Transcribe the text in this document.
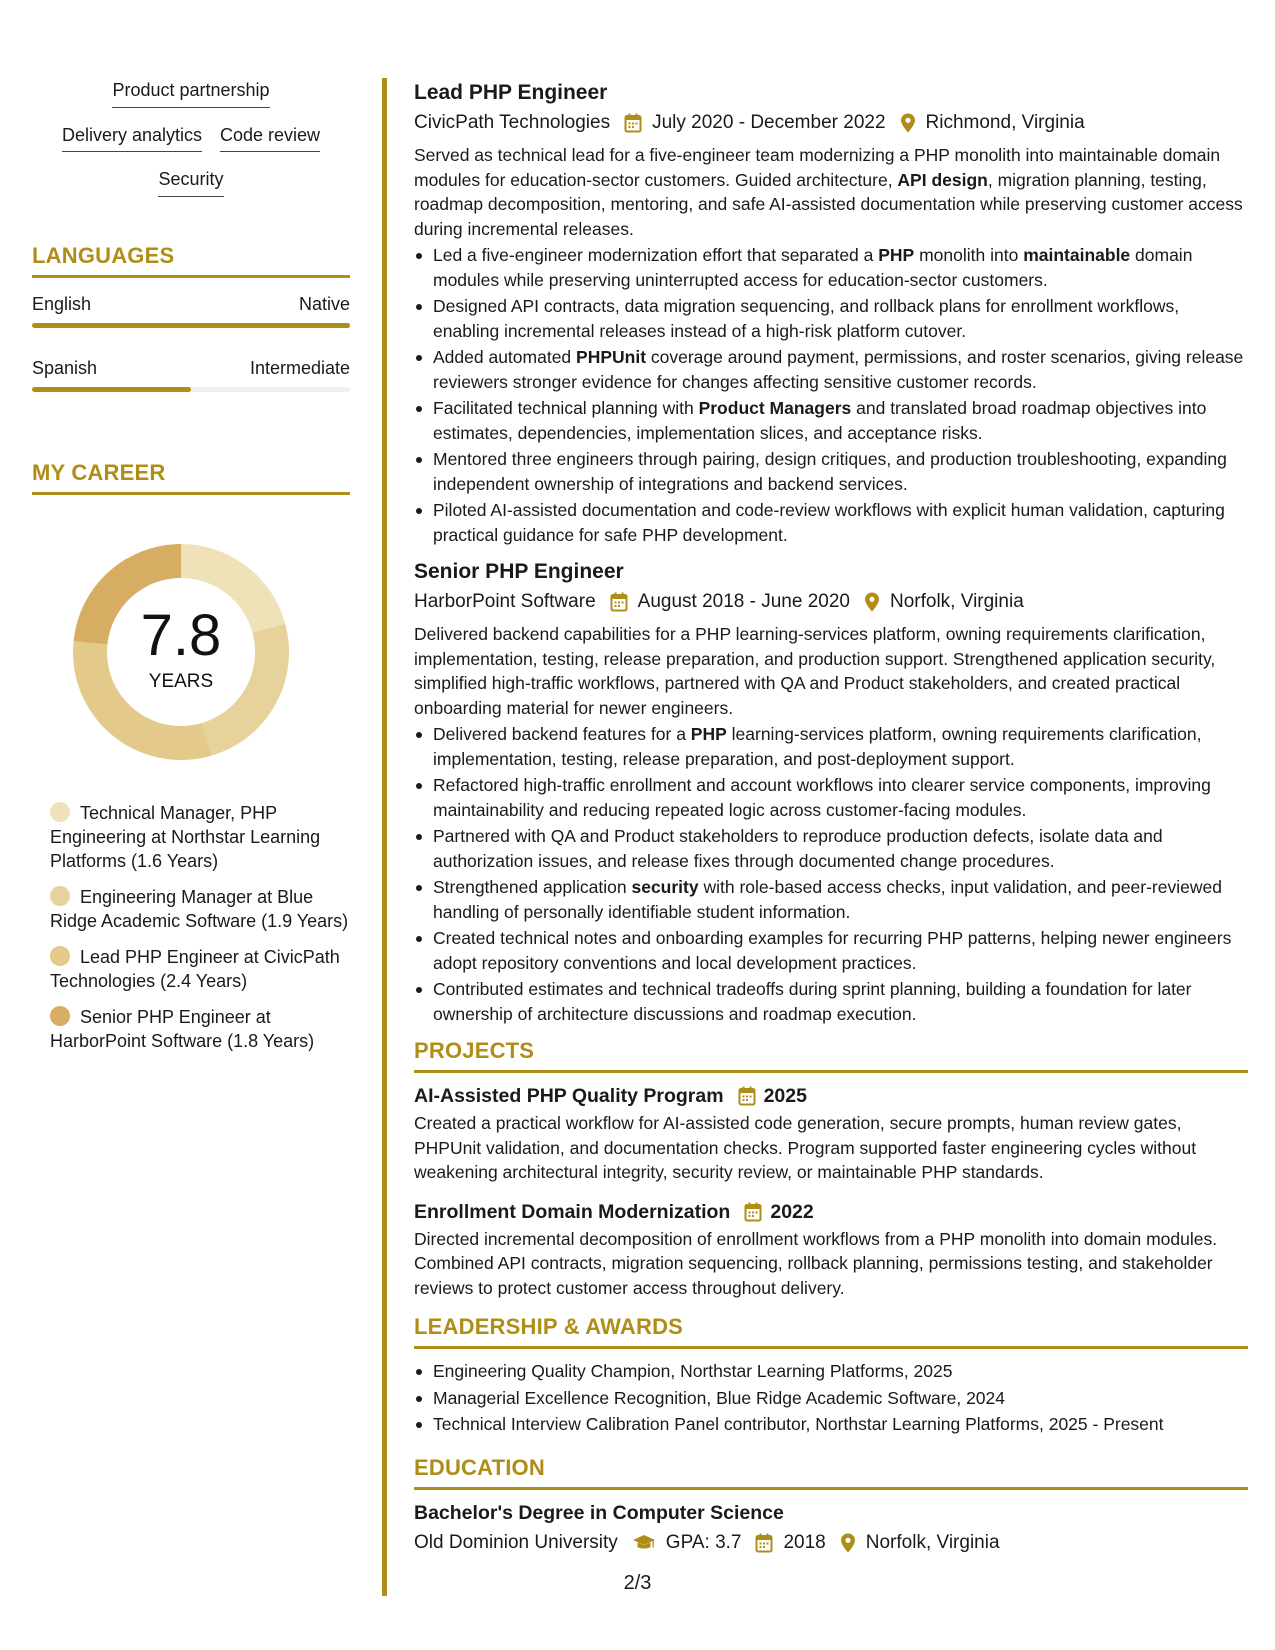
Product partnership
Delivery analytics Code review
Security
LANGUAGES
English	Native
Spanish	Intermediate
MY CAREER
7.8
YEARS
Technical Manager, PHP Engineering at Northstar Learning Platforms (1.6 Years)
Engineering Manager at Blue Ridge Academic Software (1.9 Years)
Lead PHP Engineer at CivicPath Technologies (2.4 Years)
Senior PHP Engineer at HarborPoint Software (1.8 Years)
Lead PHP Engineer
CivicPath Technologies July 2020 - December 2022 Richmond, Virginia
Served as technical lead for a five-engineer team modernizing a PHP monolith into maintainable domain modules for education-sector customers. Guided architecture, API design, migration planning, testing, roadmap decomposition, mentoring, and safe AI-assisted documentation while preserving customer access during incremental releases.
Led a five-engineer modernization effort that separated a PHP monolith into maintainable domain modules while preserving uninterrupted access for education-sector customers.
Designed API contracts, data migration sequencing, and rollback plans for enrollment workflows, enabling incremental releases instead of a high-risk platform cutover.
Added automated PHPUnit coverage around payment, permissions, and roster scenarios, giving release reviewers stronger evidence for changes affecting sensitive customer records.
Facilitated technical planning with Product Managers and translated broad roadmap objectives into estimates, dependencies, implementation slices, and acceptance risks.
Mentored three engineers through pairing, design critiques, and production troubleshooting, expanding independent ownership of integrations and backend services.
Piloted AI-assisted documentation and code-review workflows with explicit human validation, capturing practical guidance for safe PHP development.
Senior PHP Engineer
HarborPoint Software August 2018 - June 2020 Norfolk, Virginia
Delivered backend capabilities for a PHP learning-services platform, owning requirements clarification, implementation, testing, release preparation, and production support. Strengthened application security, simplified high-traffic workflows, partnered with QA and Product stakeholders, and created practical onboarding material for newer engineers.
Delivered backend features for a PHP learning-services platform, owning requirements clarification, implementation, testing, release preparation, and post-deployment support.
Refactored high-traffic enrollment and account workflows into clearer service components, improving maintainability and reducing repeated logic across customer-facing modules.
Partnered with QA and Product stakeholders to reproduce production defects, isolate data and authorization issues, and release fixes through documented change procedures.
Strengthened application security with role-based access checks, input validation, and peer-reviewed handling of personally identifiable student information.
Created technical notes and onboarding examples for recurring PHP patterns, helping newer engineers adopt repository conventions and local development practices.
Contributed estimates and technical tradeoffs during sprint planning, building a foundation for later ownership of architecture discussions and roadmap execution.
PROJECTS
AI-Assisted PHP Quality Program 2025
Created a practical workflow for AI-assisted code generation, secure prompts, human review gates, PHPUnit validation, and documentation checks. Program supported faster engineering cycles without weakening architectural integrity, security review, or maintainable PHP standards.
Enrollment Domain Modernization 2022
Directed incremental decomposition of enrollment workflows from a PHP monolith into domain modules. Combined API contracts, migration sequencing, rollback planning, permissions testing, and stakeholder reviews to protect customer access throughout delivery.
LEADERSHIP & AWARDS
Engineering Quality Champion, Northstar Learning Platforms, 2025
Managerial Excellence Recognition, Blue Ridge Academic Software, 2024
Technical Interview Calibration Panel contributor, Northstar Learning Platforms, 2025 - Present
EDUCATION
Bachelor's Degree in Computer Science
Old Dominion University	GPA: 3.7 2018 Norfolk, Virginia
2/3
